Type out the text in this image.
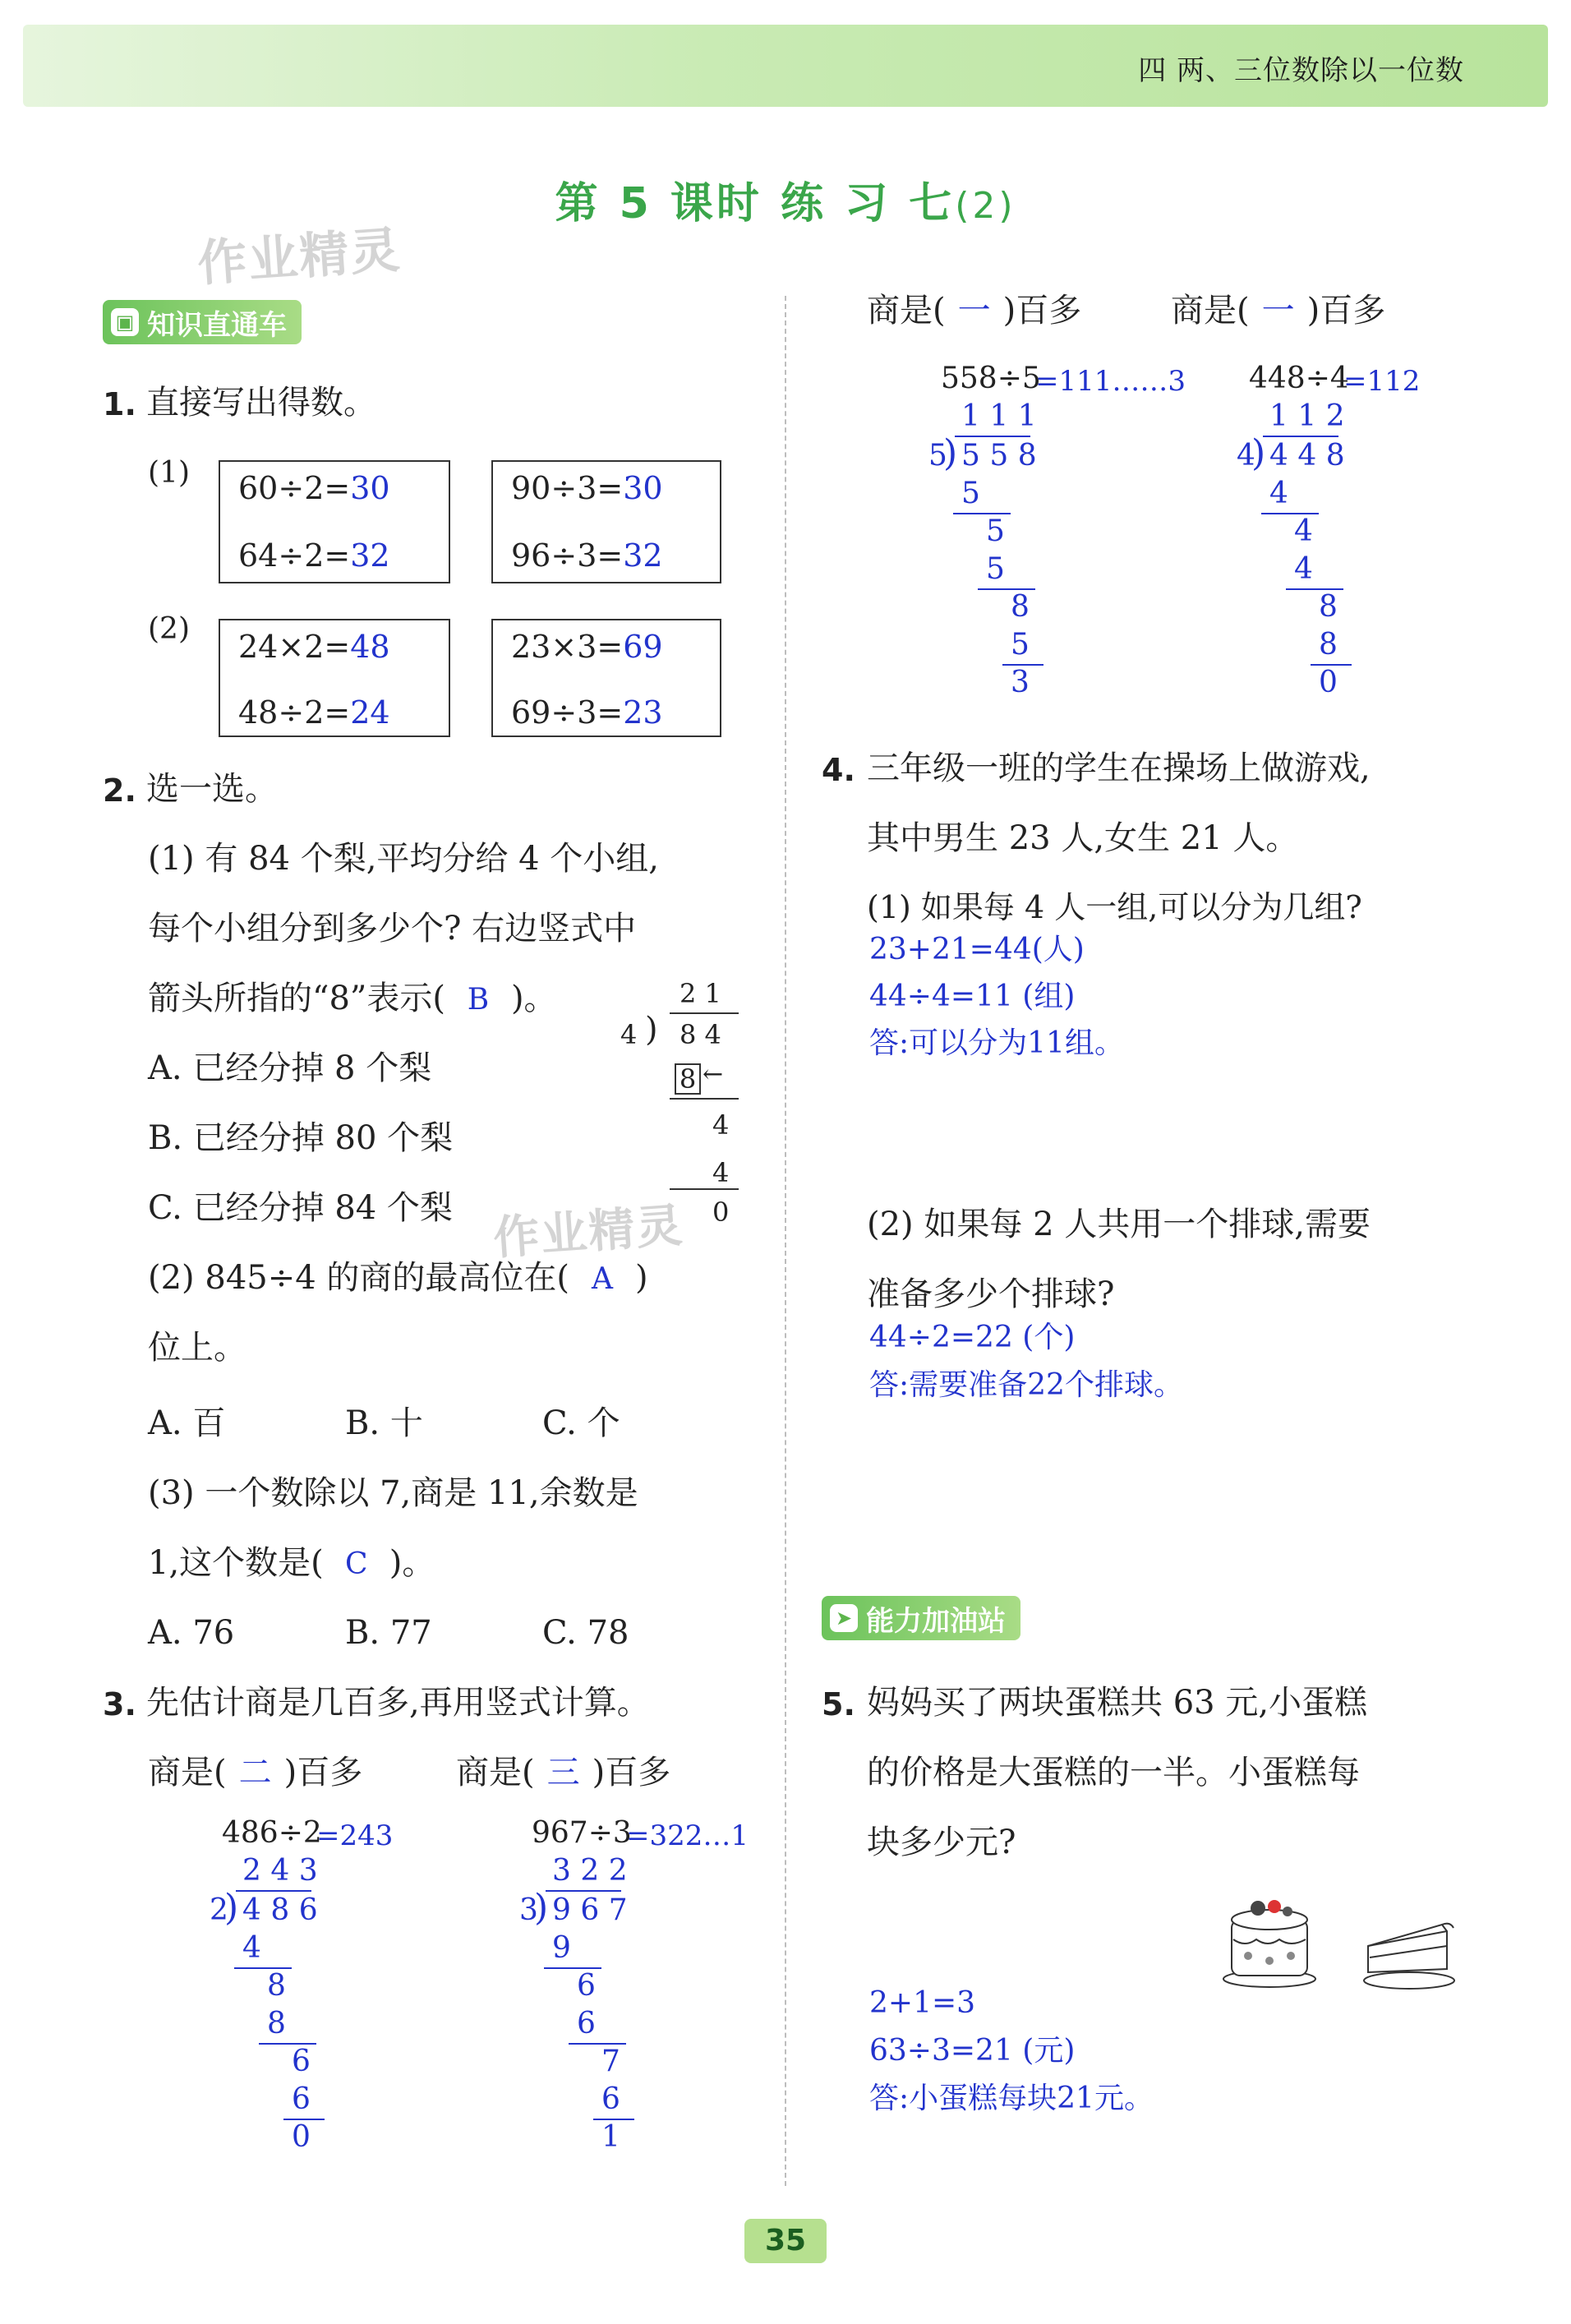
四 两、三位数除以一位数
第 5 课时 练 习 七(2)
作业精灵
作业精灵
▣ 知识直通车
1. 直接写出得数。
(1) 60÷2=30
64÷2=32
90÷3=30
96÷3=32
(2) 24×2=48
48÷2=24
23×3=69
69÷3=23
2. 选一选。
(1) 有 84 个梨,平均分给 4 个小组,
每个小组分到多少个? 右边竖式中
箭头所指的“8”表示( B )。
A. 已经分掉 8 个梨
B. 已经分掉 80 个梨
C. 已经分掉 84 个梨
2 1
4 ) 8 4
8 ←
4
4
0
(2) 845÷4 的商的最高位在( A )
位上。
A. 百	B. 十	C. 个
(3) 一个数除以 7,商是 11,余数是
1,这个数是( C )。
A. 76	B. 77	C. 78
3. 先估计商是几百多,再用竖式计算。
商是( 二 )百多	商是( 三 )百多
商是( 一 )百多	商是( 一 )百多
486÷2
=243
2 4 3
2
) 4 8 6
4
8
8
6
6
0
967÷3
=322…1
3 2 2
3
) 9 6 7
9
6
6
7
6
1
558÷5
=111……3
1 1 1
5
) 5 5 8
5
5
5
8
5
3
448÷4
=112
1 1 2
4
) 4 4 8
4
4
4
8
8
0
4. 三年级一班的学生在操场上做游戏,
其中男生 23 人,女生 21 人。
(1) 如果每 4 人一组,可以分为几组?
23+21=44(人)
44÷4=11 (组)
答:可以分为11组。
(2) 如果每 2 人共用一个排球,需要
准备多少个排球?
44÷2=22 (个)
答:需要准备22个排球。
➤ 能力加油站
5. 妈妈买了两块蛋糕共 63 元,小蛋糕
的价格是大蛋糕的一半。小蛋糕每
块多少元?
2+1=3
63÷3=21 (元)
答:小蛋糕每块21元。
35
